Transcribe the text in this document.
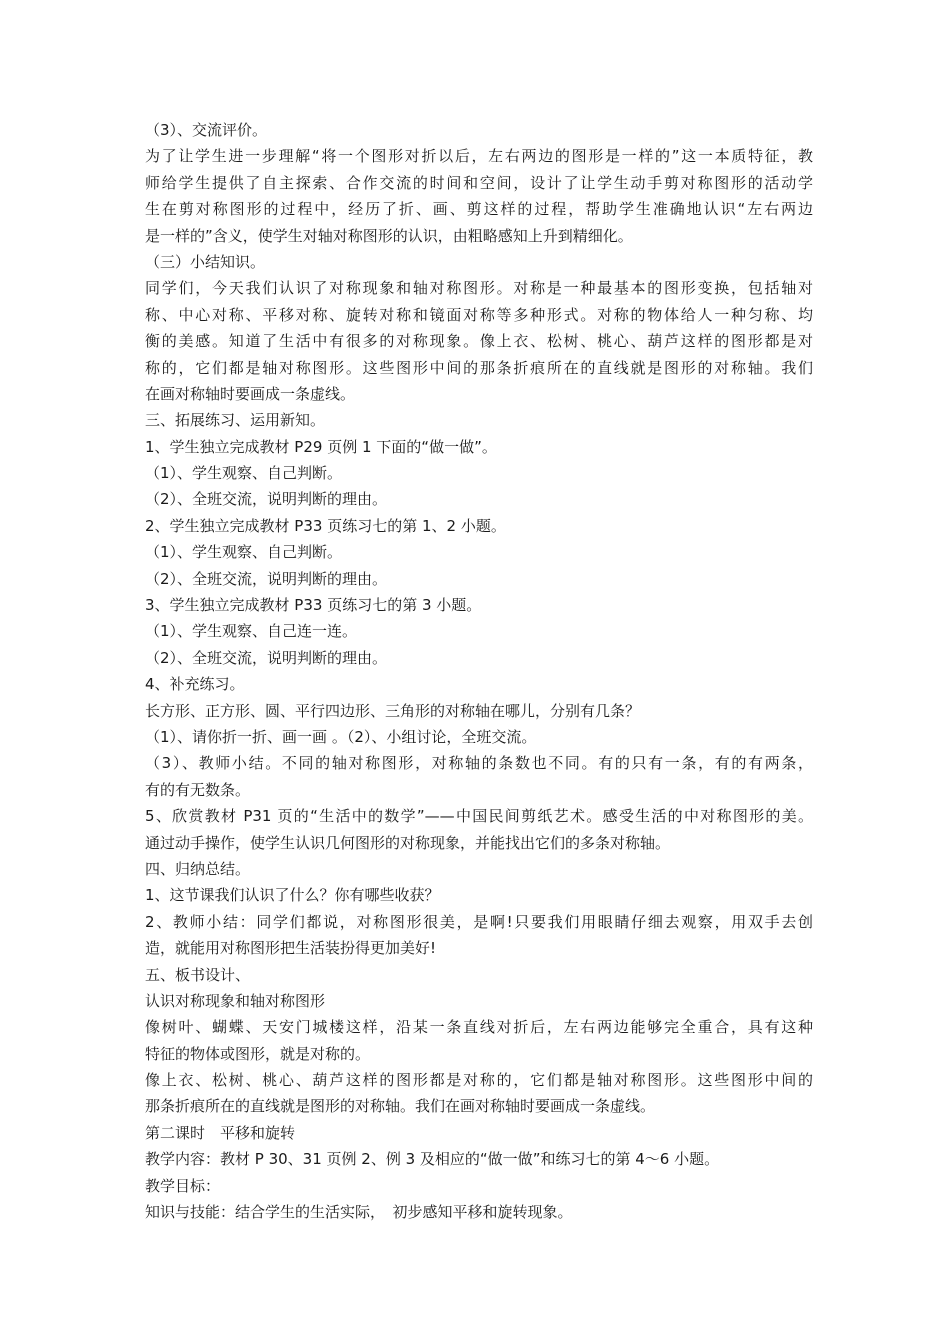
（3）、交流评价。
为了让学生进一步理解“将一个图形对折以后，左右两边的图形是一样的”这一本质特征，教
师给学生提供了自主探索、合作交流的时间和空间，设计了让学生动手剪对称图形的活动学
生在剪对称图形的过程中，经历了折、画、剪这样的过程，帮助学生准确地认识“左右两边
是一样的”含义，使学生对轴对称图形的认识，由粗略感知上升到精细化。
（三）小结知识。
同学们，今天我们认识了对称现象和轴对称图形。对称是一种最基本的图形变换，包括轴对
称、中心对称、平移对称、旋转对称和镜面对称等多种形式。对称的物体给人一种匀称、均
衡的美感。知道了生活中有很多的对称现象。像上衣、松树、桃心、葫芦这样的图形都是对
称的，它们都是轴对称图形。这些图形中间的那条折痕所在的直线就是图形的对称轴。我们
在画对称轴时要画成一条虚线。
三、拓展练习、运用新知。
1、学生独立完成教材 P29 页例 1 下面的“做一做”。
（1）、学生观察、自己判断。
（2）、全班交流，说明判断的理由。
2、学生独立完成教材 P33 页练习七的第 1、2 小题。
（1）、学生观察、自己判断。
（2）、全班交流，说明判断的理由。
3、学生独立完成教材 P33 页练习七的第 3 小题。
（1）、学生观察、自己连一连。
（2）、全班交流，说明判断的理由。
4、补充练习。
长方形、正方形、圆、平行四边形、三角形的对称轴在哪儿，分别有几条？
（1）、请你折一折、画一画 。（2）、小组讨论，全班交流。
（3）、教师小结。不同的轴对称图形，对称轴的条数也不同。有的只有一条，有的有两条，
有的有无数条。
5、欣赏教材 P31 页的“生活中的数学”——中国民间剪纸艺术。感受生活的中对称图形的美。
通过动手操作，使学生认识几何图形的对称现象，并能找出它们的多条对称轴。
四、归纳总结。
1、这节课我们认识了什么？你有哪些收获？
2、教师小结：同学们都说，对称图形很美，是啊!只要我们用眼睛仔细去观察，用双手去创
造，就能用对称图形把生活装扮得更加美好!
五、板书设计、
认识对称现象和轴对称图形
像树叶、蝴蝶、天安门城楼这样，沿某一条直线对折后，左右两边能够完全重合，具有这种
特征的物体或图形，就是对称的。
像上衣、松树、桃心、葫芦这样的图形都是对称的，它们都是轴对称图形。这些图形中间的
那条折痕所在的直线就是图形的对称轴。我们在画对称轴时要画成一条虚线。
第二课时　平移和旋转
教学内容：教材 P 30、31 页例 2、例 3 及相应的“做一做”和练习七的第 4～6 小题。
教学目标：
知识与技能：结合学生的生活实际，　初步感知平移和旋转现象。
